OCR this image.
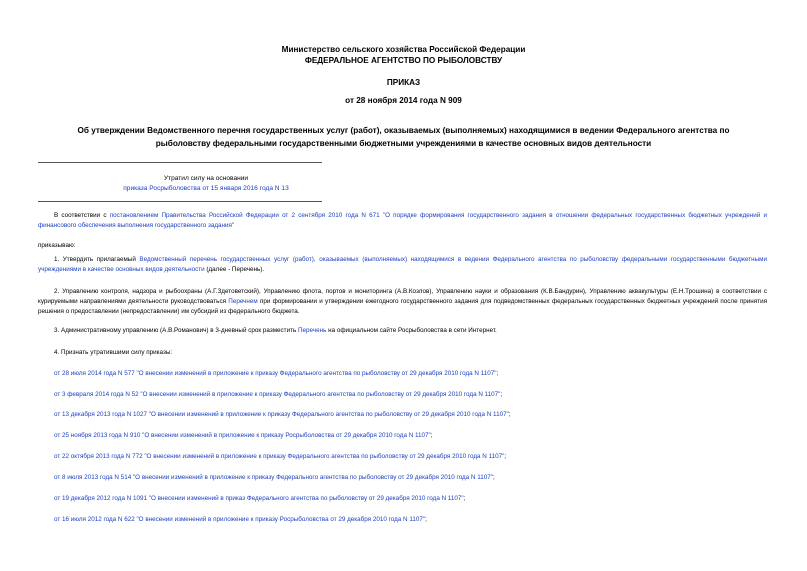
Министерство сельского хозяйства Российской Федерации
ФЕДЕРАЛЬНОЕ АГЕНТСТВО ПО РЫБОЛОВСТВУ
ПРИКАЗ
от 28 ноября 2014 года N 909
Об утверждении Ведомственного перечня государственных услуг (работ), оказываемых (выполняемых) находящимися в ведении Федерального агентства по
рыболовству федеральными государственными бюджетными учреждениями в качестве основных видов деятельности
Утратил силу на основании
приказа Росрыболовства от 15 января 2016 года N 13
В соответствии с постановлением Правительства Российской Федерации от 2 сентября 2010 года N 671 "О порядке формирования государственного задания в отношении федеральных государственных бюджетных учреждений и финансового обеспечения выполнения государственного задания"
приказываю:
1. Утвердить прилагаемый Ведомственный перечень государственных услуг (работ), оказываемых (выполняемых) находящимися в ведении Федерального агентства по рыболовству федеральными государственными бюджетными учреждениями в качестве основных видов деятельности (далее - Перечень).
2. Управлению контроля, надзора и рыбоохраны (А.Г.Здетоветский), Управлению флота, портов и мониторинга (А.В.Козлов), Управлению науки и образования (К.В.Бандурин), Управлению аквакультуры (Е.Н.Трошина) в соответствии с курируемыми направлениями деятельности руководствоваться Перечнем при формировании и утверждении ежегодного государственного задания для подведомственных федеральных государственных бюджетных учреждений после принятия решения о предоставлении (непредоставлении) им субсидий из федерального бюджета.
3. Административному управлению (А.В.Романович) в 3-дневный срок разместить Перечень на официальном сайте Росрыболовства в сети Интернет.
4. Признать утратившими силу приказы:
от 28 июля 2014 года N 577 "О внесении изменений в приложение к приказу Федерального агентства по рыболовству от 29 декабря 2010 года N 1107";
от 3 февраля 2014 года N 52 "О внесении изменений в приложение к приказу Федерального агентства по рыболовству от 29 декабря 2010 года N 1107";
от 13 декабря 2013 года N 1027 "О внесении изменений в приложение к приказу Федерального агентства по рыболовству от 29 декабря 2010 года N 1107";
от 25 ноября 2013 года N 910 "О внесении изменений в приложение к приказу Росрыболовства от 29 декабря 2010 года N 1107";
от 22 октября 2013 года N 772 "О внесении изменений в приложение к приказу Федерального агентства по рыболовству от 29 декабря 2010 года N 1107";
от 8 июля 2013 года N 514 "О внесении изменений в приложение к приказу Федерального агентства по рыболовству от 29 декабря 2010 года N 1107";
от 19 декабря 2012 года N 1091 "О внесении изменений в приказ Федерального агентства по рыболовству от 29 декабря 2010 года N 1107";
от 16 июля 2012 года N 622 "О внесении изменений в приложение к приказу Росрыболовства от 29 декабря 2010 года N 1107";
